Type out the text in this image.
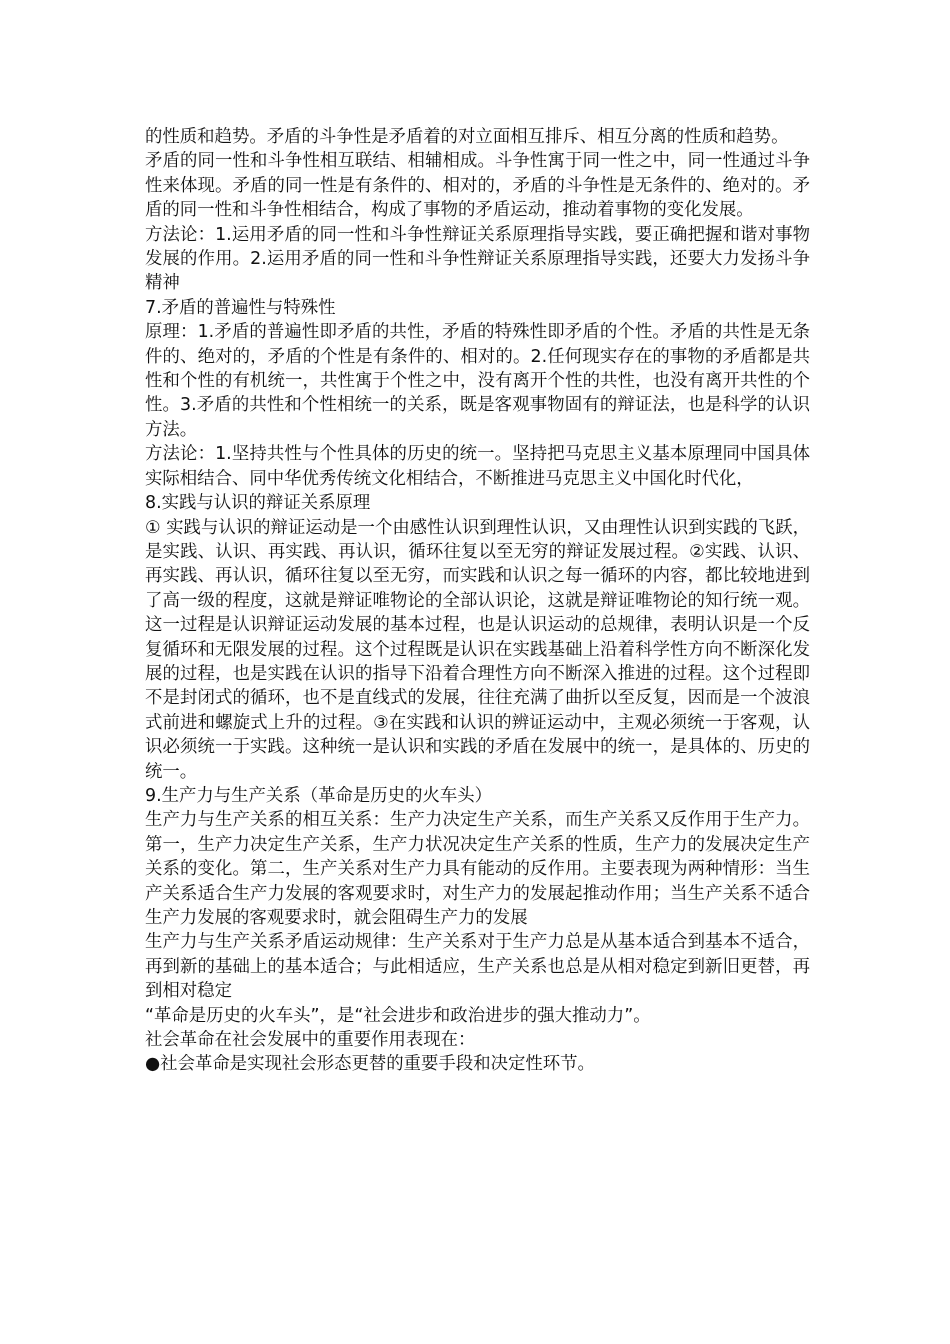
的性质和趋势。矛盾的斗争性是矛盾着的对立面相互排斥、相互分离的性质和趋势。

矛盾的同一性和斗争性相互联结、相辅相成。斗争性寓于同一性之中，同一性通过斗争性来体现。矛盾的同一性是有条件的、相对的，矛盾的斗争性是无条件的、绝对的。矛盾的同一性和斗争性相结合，构成了事物的矛盾运动，推动着事物的变化发展。

方法论：1.运用矛盾的同一性和斗争性辩证关系原理指导实践，要正确把握和谐对事物发展的作用。2.运用矛盾的同一性和斗争性辩证关系原理指导实践，还要大力发扬斗争精神

7.矛盾的普遍性与特殊性

原理：1.矛盾的普遍性即矛盾的共性，矛盾的特殊性即矛盾的个性。矛盾的共性是无条件的、绝对的，矛盾的个性是有条件的、相对的。2.任何现实存在的事物的矛盾都是共性和个性的有机统一，共性寓于个性之中，没有离开个性的共性，也没有离开共性的个性。3.矛盾的共性和个性相统一的关系，既是客观事物固有的辩证法，也是科学的认识方法。

方法论：1.坚持共性与个性具体的历史的统一。坚持把马克思主义基本原理同中国具体实际相结合、同中华优秀传统文化相结合，不断推进马克思主义中国化时代化，

8.实践与认识的辩证关系原理

① 实践与认识的辩证运动是一个由感性认识到理性认识，又由理性认识到实践的飞跃，是实践、认识、再实践、再认识，循环往复以至无穷的辩证发展过程。②实践、认识、再实践、再认识，循环往复以至无穷，而实践和认识之每一循环的内容，都比较地进到了高一级的程度，这就是辩证唯物论的全部认识论，这就是辩证唯物论的知行统一观。这一过程是认识辩证运动发展的基本过程，也是认识运动的总规律，表明认识是一个反复循环和无限发展的过程。这个过程既是认识在实践基础上沿着科学性方向不断深化发展的过程，也是实践在认识的指导下沿着合理性方向不断深入推进的过程。这个过程即不是封闭式的循环，也不是直线式的发展，往往充满了曲折以至反复，因而是一个波浪式前进和螺旋式上升的过程。③在实践和认识的辨证运动中，主观必须统一于客观，认识必须统一于实践。这种统一是认识和实践的矛盾在发展中的统一，是具体的、历史的统一。

9.生产力与生产关系（革命是历史的火车头）

生产力与生产关系的相互关系：生产力决定生产关系，而生产关系又反作用于生产力。第一，生产力决定生产关系，生产力状况决定生产关系的性质，生产力的发展决定生产关系的变化。第二，生产关系对生产力具有能动的反作用。主要表现为两种情形：当生产关系适合生产力发展的客观要求时，对生产力的发展起推动作用；当生产关系不适合生产力发展的客观要求时，就会阻碍生产力的发展

生产力与生产关系矛盾运动规律：生产关系对于生产力总是从基本适合到基本不适合，再到新的基础上的基本适合；与此相适应，生产关系也总是从相对稳定到新旧更替，再到相对稳定

“革命是历史的火车头”，是“社会进步和政治进步的强大推动力”。

社会革命在社会发展中的重要作用表现在：

●社会革命是实现社会形态更替的重要手段和决定性环节。
